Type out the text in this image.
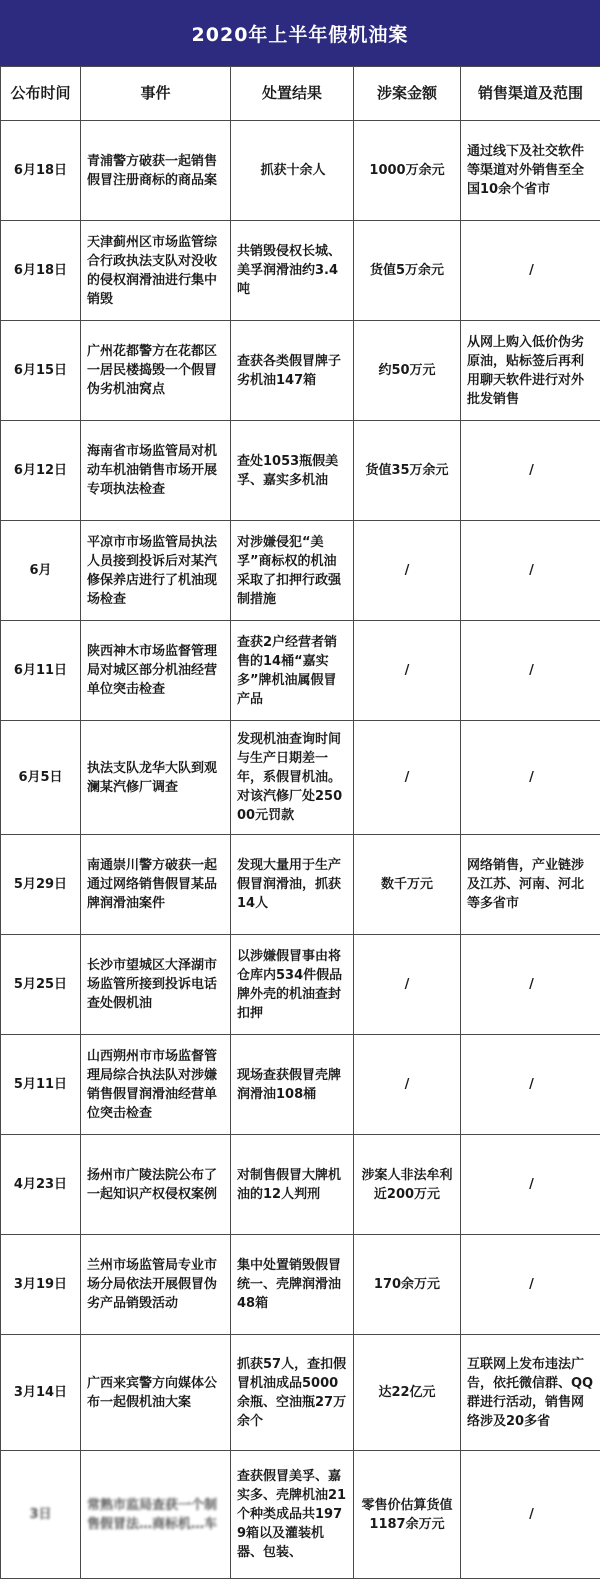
2020年上半年假机油案
公布时间	事件	处置结果	涉案金额	销售渠道及范围
6月18日	青浦警方破获一起销售假冒注册商标的商品案	抓获十余人	1000万余元	通过线下及社交软件等渠道对外销售至全国10余个省市
6月18日	天津蓟州区市场监管综合行政执法支队对没收的侵权润滑油进行集中销毁	共销毁侵权长城、美孚润滑油约3.4吨	货值5万余元	/
6月15日	广州花都警方在花都区一居民楼捣毁一个假冒伪劣机油窝点	查获各类假冒牌子劣机油147箱	约50万元	从网上购入低价伪劣原油，贴标签后再利用聊天软件进行对外批发销售
6月12日	海南省市场监管局对机动车机油销售市场开展专项执法检查	查处1053瓶假美孚、嘉实多机油	货值35万余元	/
6月	平凉市市场监管局执法人员接到投诉后对某汽修保养店进行了机油现场检查	对涉嫌侵犯“美孚”商标权的机油采取了扣押行政强制措施	/	/
6月11日	陕西神木市场监督管理局对城区部分机油经营单位突击检查	查获2户经营者销售的14桶“嘉实多”牌机油属假冒产品	/	/
6月5日	执法支队龙华大队到观澜某汽修厂调查	发现机油查询时间与生产日期差一年，系假冒机油。对该汽修厂处25000元罚款	/	/
5月29日	南通崇川警方破获一起通过网络销售假冒某品牌润滑油案件	发现大量用于生产假冒润滑油，抓获14人	数千万元	网络销售，产业链涉及江苏、河南、河北等多省市
5月25日	长沙市望城区大泽湖市场监管所接到投诉电话查处假机油	以涉嫌假冒事由将仓库内534件假品牌外壳的机油查封扣押	/	/
5月11日	山西朔州市市场监督管理局综合执法队对涉嫌销售假冒润滑油经营单位突击检查	现场查获假冒壳牌润滑油108桶	/	/
4月23日	扬州市广陵法院公布了一起知识产权侵权案例	对制售假冒大牌机油的12人判刑	涉案人非法牟利近200万元	/
3月19日	兰州市场监管局专业市场分局依法开展假冒伪劣产品销毁活动	集中处置销毁假冒统一、壳牌润滑油48箱	170余万元	/
3月14日	广西来宾警方向媒体公布一起假机油大案	抓获57人，查扣假冒机油成品5000余瓶、空油瓶27万余个	达22亿元	互联网上发布违法广告，依托微信群、QQ群进行活动，销售网络涉及20多省
3日	常熟市监局查获一个制售假冒法…商标机…车	查获假冒美孚、嘉实多、壳牌机油21个种类成品共1979箱以及灌装机器、包装、	零售价估算货值1187余万元	/
